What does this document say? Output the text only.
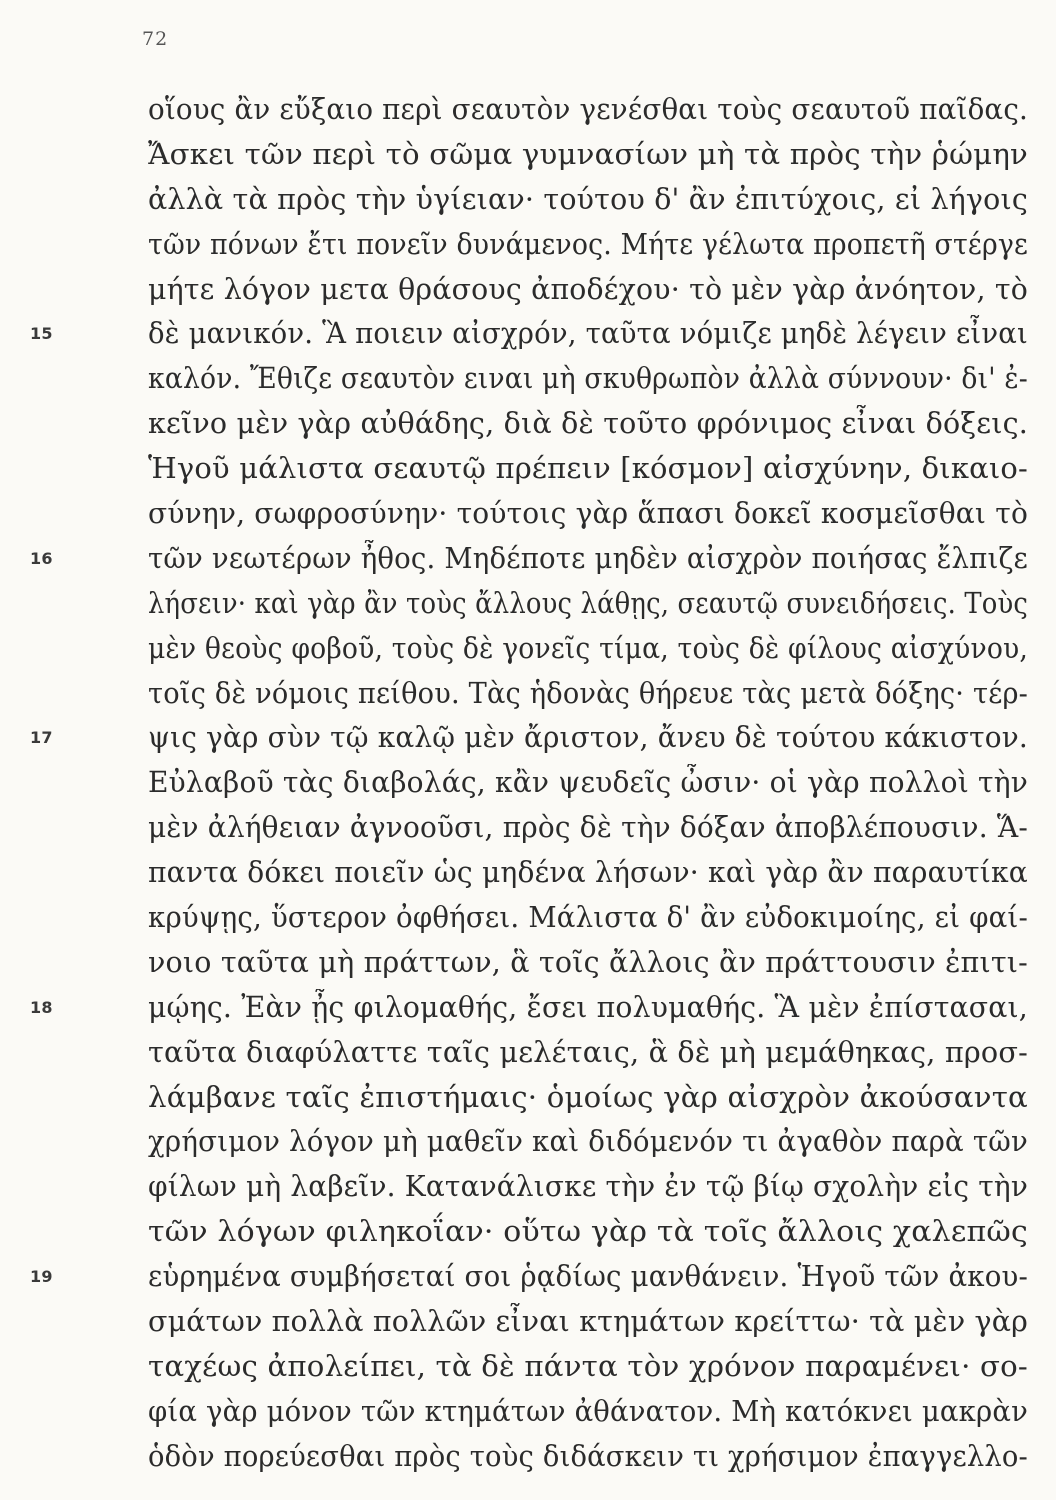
72
οἵους ἂν εὔξαιο περὶ σεαυτὸν γενέσθαι τοὺς σεαυτοῦ παῖδας.
Ἄσκει τῶν περὶ τὸ σῶμα γυμνασίων μὴ τὰ πρὸς τὴν ῥώμην
ἀλλὰ τὰ πρὸς τὴν ὑγίειαν· τούτου δ' ἂν ἐπιτύχοις, εἰ λήγοις
τῶν πόνων ἔτι πονεῖν δυνάμενος. Μήτε γέλωτα προπετῆ στέργε
μήτε λόγον μετα θράσους ἀποδέχου· τὸ μὲν γὰρ ἀνόητον, τὸ
15	δὲ μανικόν. Ἃ ποιειν αἰσχρόν, ταῦτα νόμιζε μηδὲ λέγειν εἶναι
καλόν. Ἔθιζε σεαυτὸν ειναι μὴ σκυθρωπὸν ἀλλὰ σύννουν· δι' ἐ-
κεῖνο μὲν γὰρ αὐθάδης, διὰ δὲ τοῦτο φρόνιμος εἶναι δόξεις.
Ἡγοῦ μάλιστα σεαυτῷ πρέπειν [κόσμον] αἰσχύνην, δικαιο-
σύνην, σωφροσύνην· τούτοις γὰρ ἅπασι δοκεῖ κοσμεῖσθαι τὸ
16	τῶν νεωτέρων ἦθος. Μηδέποτε μηδὲν αἰσχρὸν ποιήσας ἔλπιζε
λήσειν· καὶ γὰρ ἂν τοὺς ἄλλους λάθῃς, σεαυτῷ συνειδήσεις. Τοὺς
μὲν θεοὺς φοβοῦ, τοὺς δὲ γονεῖς τίμα, τοὺς δὲ φίλους αἰσχύνου,
τοῖς δὲ νόμοις πείθου. Τὰς ἡδονὰς θήρευε τὰς μετὰ δόξης· τέρ-
17	ψις γὰρ σὺν τῷ καλῷ μὲν ἄριστον, ἄνευ δὲ τούτου κάκιστον.
Εὐλαβοῦ τὰς διαβολάς, κἂν ψευδεῖς ὦσιν· οἱ γὰρ πολλοὶ τὴν
μὲν ἀλήθειαν ἀγνοοῦσι, πρὸς δὲ τὴν δόξαν ἀποβλέπουσιν. Ἅ-
παντα δόκει ποιεῖν ὡς μηδένα λήσων· καὶ γὰρ ἂν παραυτίκα
κρύψῃς, ὕστερον ὀφθήσει. Μάλιστα δ' ἂν εὐδοκιμοίης, εἰ φαί-
νοιο ταῦτα μὴ πράττων, ἃ τοῖς ἄλλοις ἂν πράττουσιν ἐπιτι-
18	μῴης. Ἐὰν ᾖς φιλομαθής, ἔσει πολυμαθής. Ἃ μὲν ἐπίστασαι,
ταῦτα διαφύλαττε ταῖς μελέταις, ἃ δὲ μὴ μεμάθηκας, προσ-
λάμβανε ταῖς ἐπιστήμαις· ὁμοίως γὰρ αἰσχρὸν ἀκούσαντα
χρήσιμον λόγον μὴ μαθεῖν καὶ διδόμενόν τι ἀγαθὸν παρὰ τῶν
φίλων μὴ λαβεῖν. Κατανάλισκε τὴν ἐν τῷ βίῳ σχολὴν εἰς τὴν
τῶν λόγων φιληκοΐαν· οὕτω γὰρ τὰ τοῖς ἄλλοις χαλεπῶς
19	εὑρημένα συμβήσεταί σοι ῥᾳδίως μανθάνειν. Ἡγοῦ τῶν ἀκου-
σμάτων πολλὰ πολλῶν εἶναι κτημάτων κρείττω· τὰ μὲν γὰρ
ταχέως ἀπολείπει, τὰ δὲ πάντα τὸν χρόνον παραμένει· σο-
φία γὰρ μόνον τῶν κτημάτων ἀθάνατον. Μὴ κατόκνει μακρὰν
ὁδὸν πορεύεσθαι πρὸς τοὺς διδάσκειν τι χρήσιμον ἐπαγγελλο-
